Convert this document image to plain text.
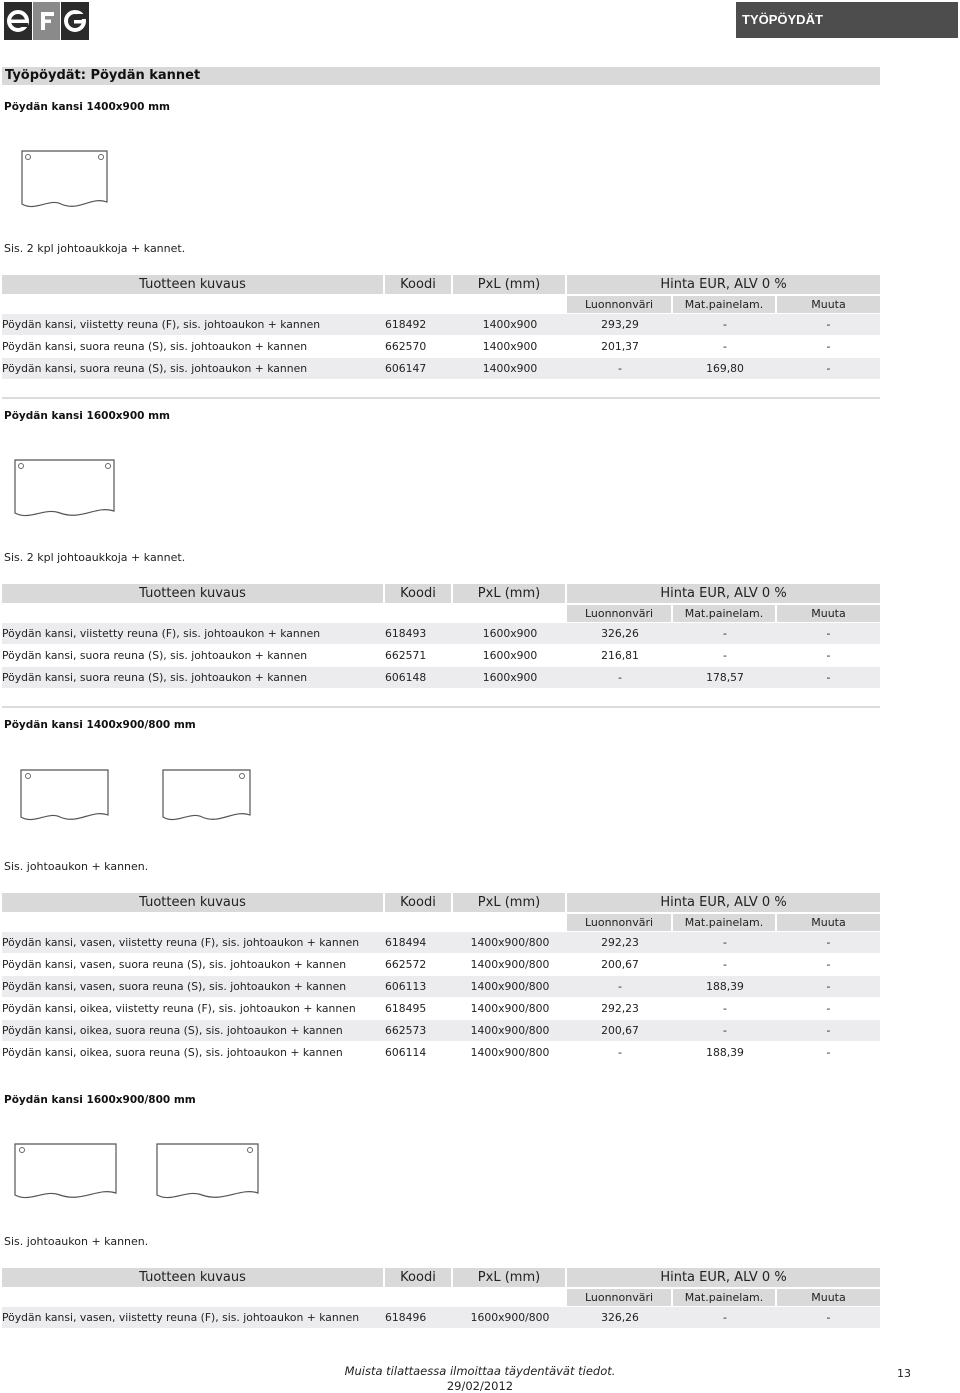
TYÖPÖYDÄT
Työpöydät: Pöydän kannet
Pöydän kansi 1400x900 mm
Sis. 2 kpl johtoaukkoja + kannet.
Tuotteen kuvaus	Koodi	PxL (mm)	Hinta EUR, ALV 0 %		
			Luonnonväri	Mat.painelam.	Muuta
Pöydän kansi, viistetty reuna (F), sis. johtoaukon + kannen	618492	1400x900	293,29	-	-
Pöydän kansi, suora reuna (S), sis. johtoaukon + kannen	662570	1400x900	201,37	-	-
Pöydän kansi, suora reuna (S), sis. johtoaukon + kannen	606147	1400x900	-	169,80	-
Pöydän kansi 1600x900 mm
Sis. 2 kpl johtoaukkoja + kannet.
Tuotteen kuvaus	Koodi	PxL (mm)	Hinta EUR, ALV 0 %		
			Luonnonväri	Mat.painelam.	Muuta
Pöydän kansi, viistetty reuna (F), sis. johtoaukon + kannen	618493	1600x900	326,26	-	-
Pöydän kansi, suora reuna (S), sis. johtoaukon + kannen	662571	1600x900	216,81	-	-
Pöydän kansi, suora reuna (S), sis. johtoaukon + kannen	606148	1600x900	-	178,57	-
Pöydän kansi 1400x900/800 mm
Sis. johtoaukon + kannen.
Tuotteen kuvaus	Koodi	PxL (mm)	Hinta EUR, ALV 0 %		
			Luonnonväri	Mat.painelam.	Muuta
Pöydän kansi, vasen, viistetty reuna (F), sis. johtoaukon + kannen	618494	1400x900/800	292,23	-	-
Pöydän kansi, vasen, suora reuna (S), sis. johtoaukon + kannen	662572	1400x900/800	200,67	-	-
Pöydän kansi, vasen, suora reuna (S), sis. johtoaukon + kannen	606113	1400x900/800	-	188,39	-
Pöydän kansi, oikea, viistetty reuna (F), sis. johtoaukon + kannen	618495	1400x900/800	292,23	-	-
Pöydän kansi, oikea, suora reuna (S), sis. johtoaukon + kannen	662573	1400x900/800	200,67	-	-
Pöydän kansi, oikea, suora reuna (S), sis. johtoaukon + kannen	606114	1400x900/800	-	188,39	-
Pöydän kansi 1600x900/800 mm
Sis. johtoaukon + kannen.
Tuotteen kuvaus	Koodi	PxL (mm)	Hinta EUR, ALV 0 %		
			Luonnonväri	Mat.painelam.	Muuta
Pöydän kansi, vasen, viistetty reuna (F), sis. johtoaukon + kannen	618496	1600x900/800	326,26	-	-
Muista tilattaessa ilmoittaa täydentävät tiedot.
29/02/2012
13
